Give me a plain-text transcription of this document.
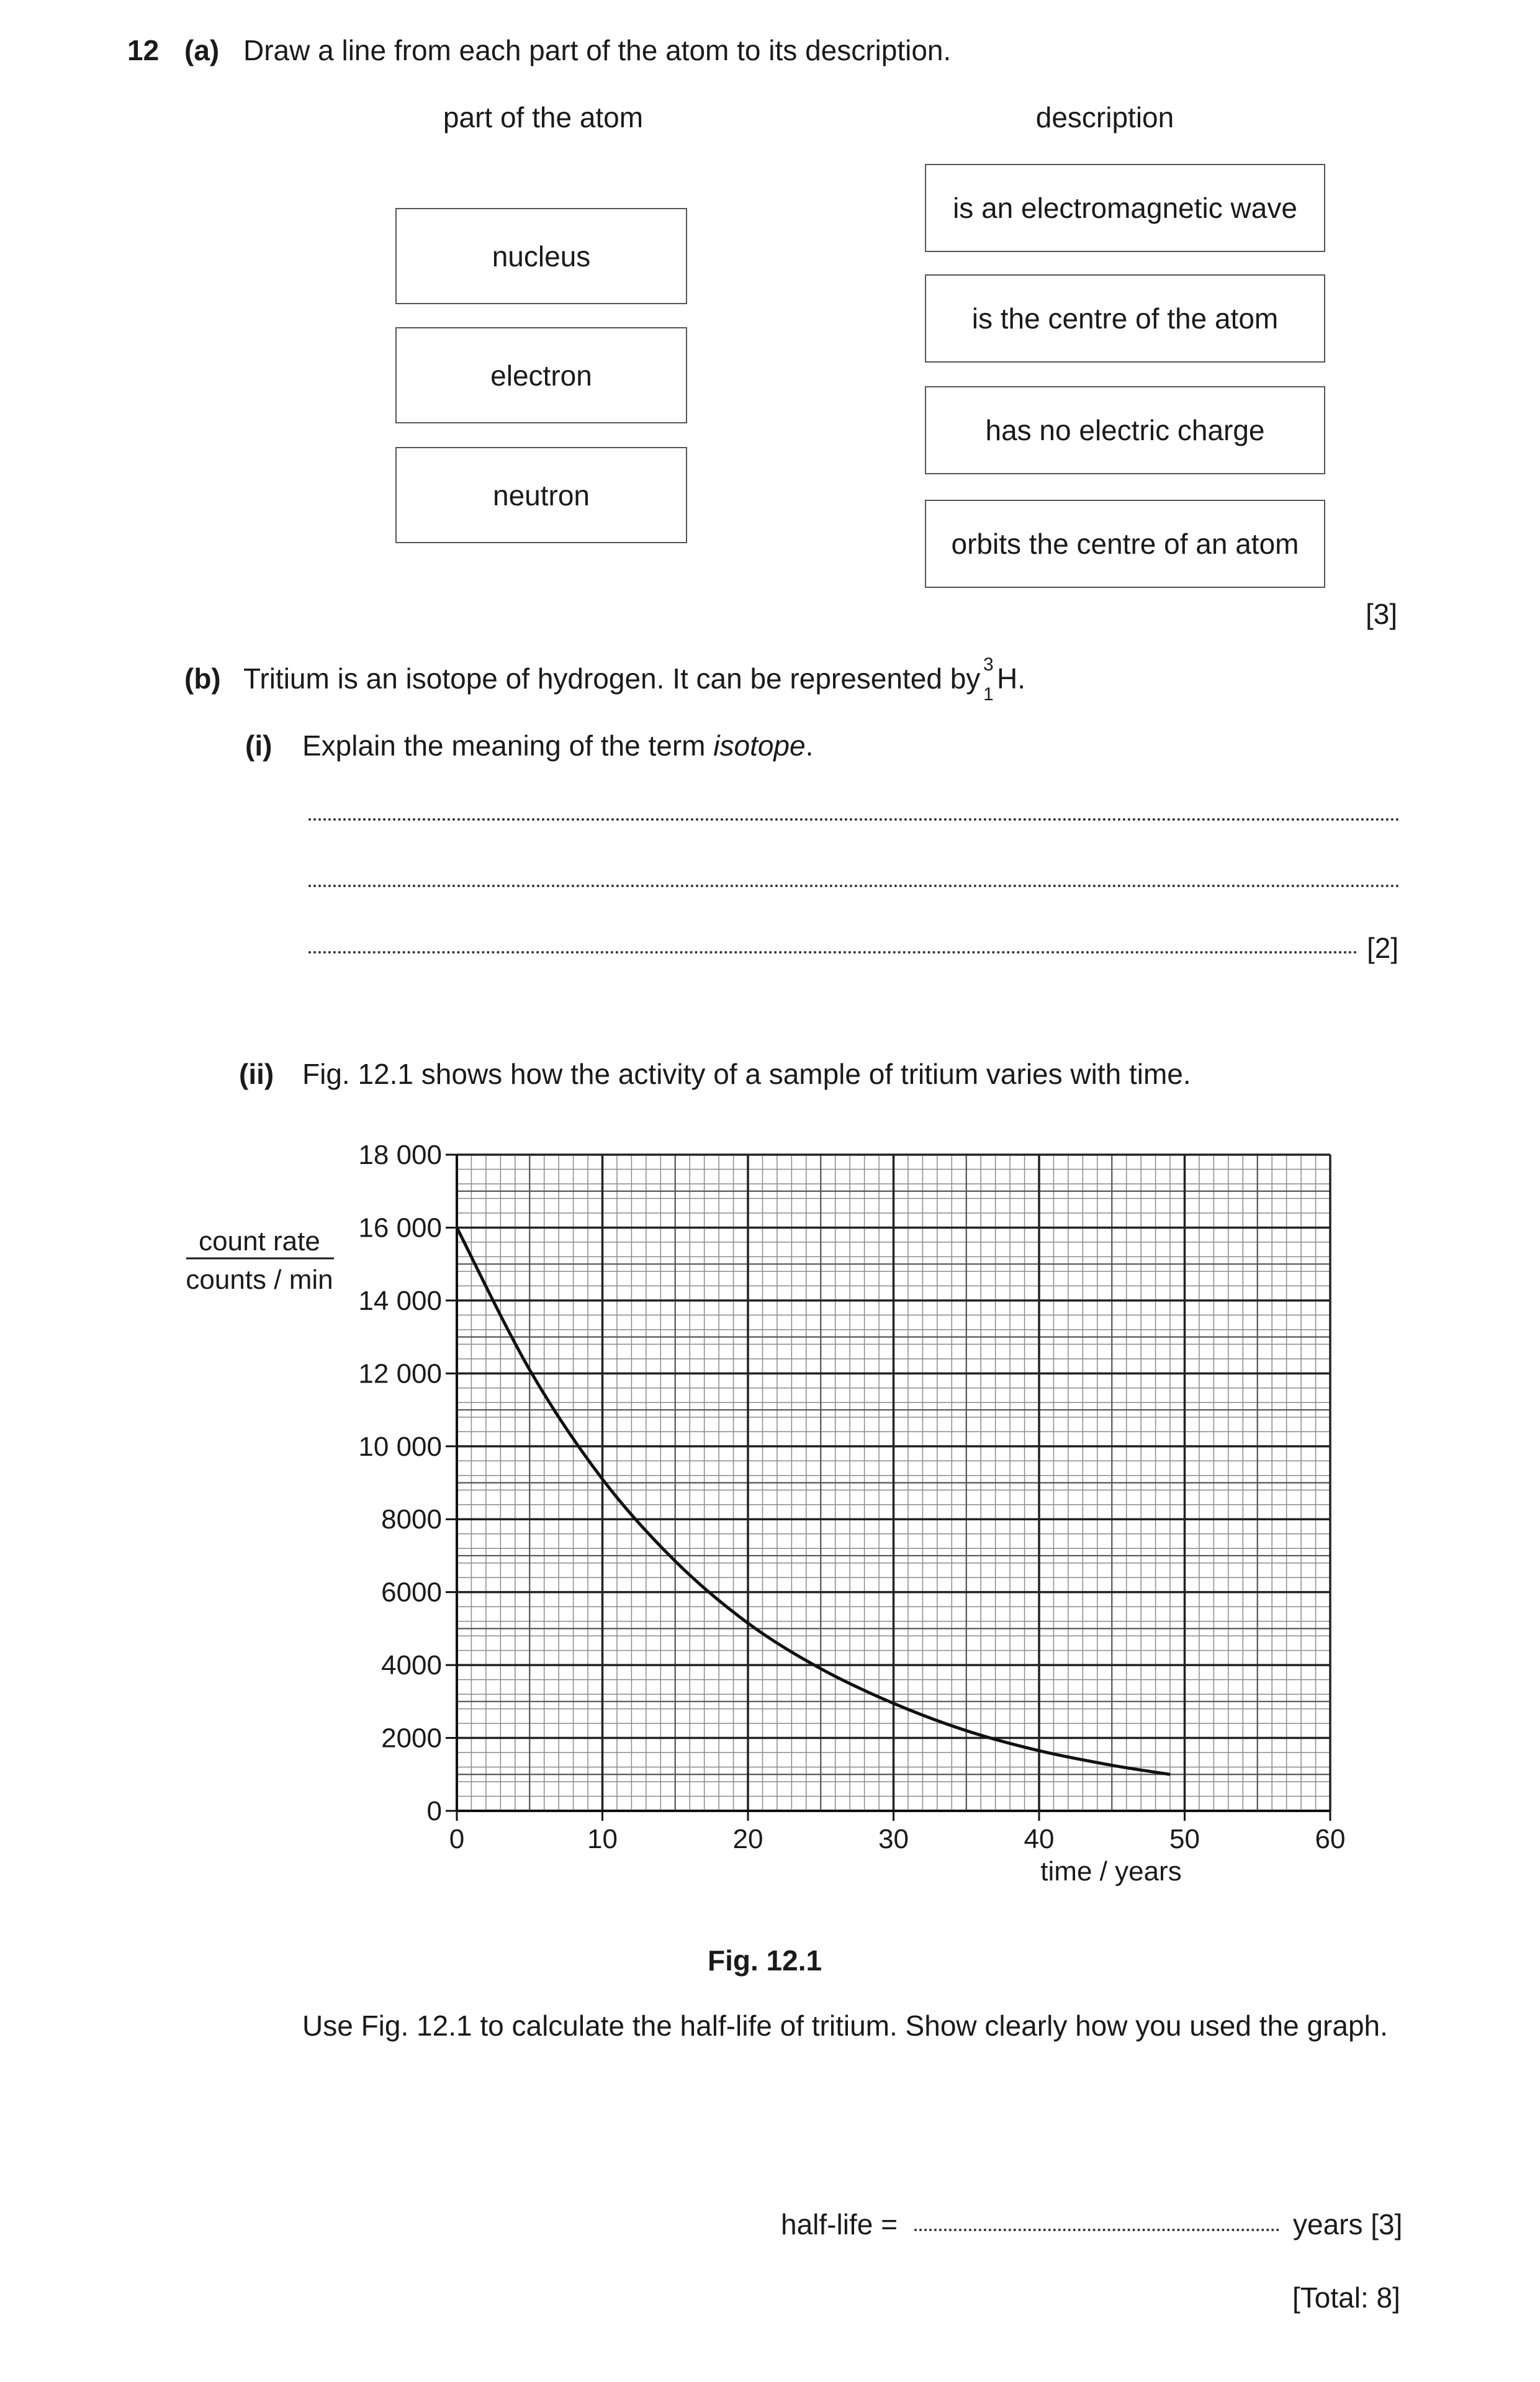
12 (a) Draw a line from each part of the atom to its description.
part of the atom	description
nucleus
electron
neutron
is an electromagnetic wave
is the centre of the atom
has no electric charge
orbits the centre of an atom
[3]
(b) Tritium is an isotope of hydrogen. It can be represented by 3
1 H.
(i) Explain the meaning of the term isotope.
[2]
(ii) Fig. 12.1 shows how the activity of a sample of tritium varies with time.
0	10	20	30	40	50	60
0
2000
4000
6000
8000
10 000
12 000
14 000
16 000
18 000
count rate
counts / min
time / years
Fig. 12.1
Use Fig. 12.1 to calculate the half-life of tritium. Show clearly how you used the graph.
half-life =	years [3]
[Total: 8]
